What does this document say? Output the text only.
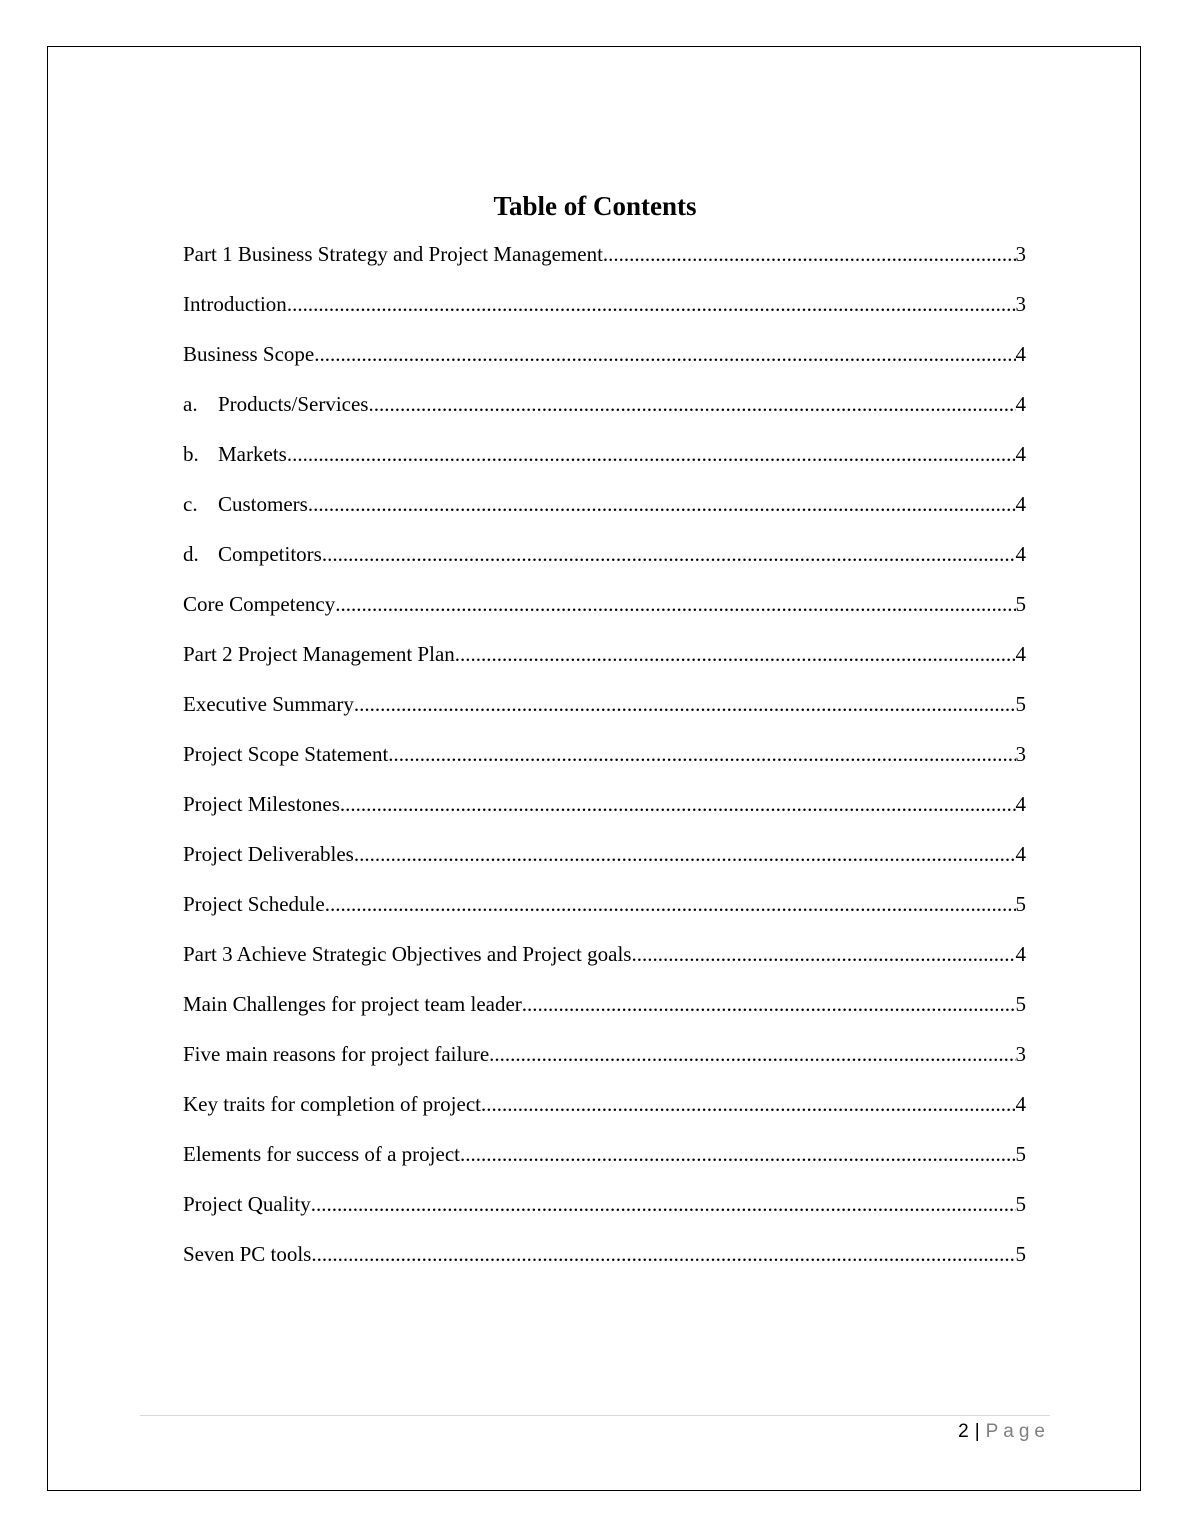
Table of Contents
Part 1 Business Strategy and Project Management .....	3
Introduction .....	3
Business Scope .....	4
a. Products/Services .....	4
b. Markets .....	4
c. Customers .....	4
d. Competitors .....	4
Core Competency .....	5
Part 2 Project Management Plan .....	4
Executive Summary .....	5
Project Scope Statement .....	3
Project Milestones .....	4
Project Deliverables .....	4
Project Schedule .....	5
Part 3 Achieve Strategic Objectives and Project goals .....	4
Main Challenges for project team leader .....	5
Five main reasons for project failure .....	3
Key traits for completion of project .....	4
Elements for success of a project .....	5
Project Quality .....	5
Seven PC tools .....	5
2 | Page
